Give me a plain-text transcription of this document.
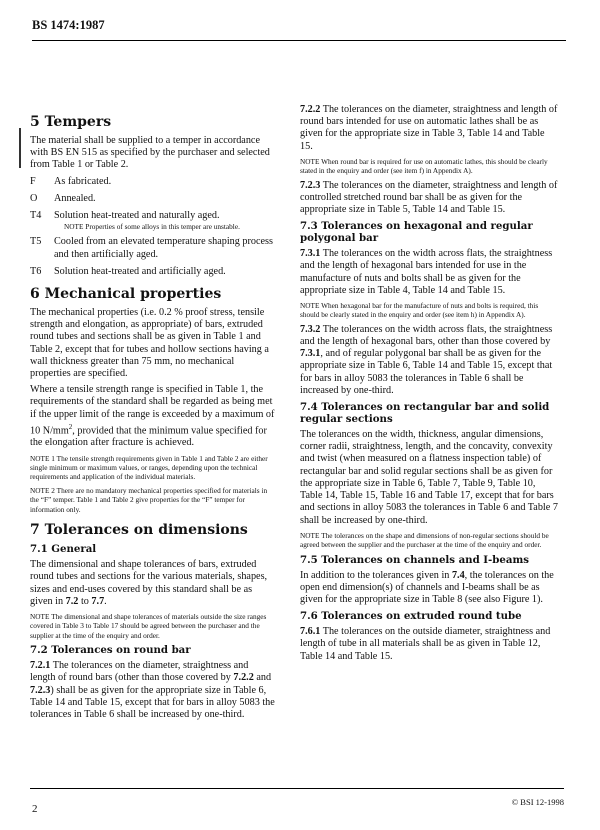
BS 1474:1987
5 Tempers

The material shall be supplied to a temper in accordance with BS EN 515 as specified by the purchaser and selected from Table 1 or Table 2.

F	As fabricated.
O	Annealed.
T4	Solution heat-treated and naturally aged.
NOTE Properties of some alloys in this temper are unstable.
T5	Cooled from an elevated temperature shaping process and then artificially aged.
T6	Solution heat-treated and artificially aged.
6 Mechanical properties

The mechanical properties (i.e. 0.2 % proof stress, tensile strength and elongation, as appropriate) of bars, extruded round tubes and sections shall be as given in Table 1 and Table 2, except that for tubes and hollow sections having a wall thickness greater than 75 mm, no mechanical properties are specified.

Where a tensile strength range is specified in Table 1, the requirements of the standard shall be regarded as being met if the upper limit of the range is exceeded by a maximum of 10 $N/mm^2$, provided that the minimum value specified for the elongation after fracture is achieved.

NOTE 1 The tensile strength requirements given in Table 1 and Table 2 are either single minimum or maximum values, or ranges, depending upon the technical requirements and application of the individual materials.

NOTE 2 There are no mandatory mechanical properties specified for materials in the “F” temper. Table 1 and Table 2 give properties for the “F” temper for information only.

7 Tolerances on dimensions
7.1 General

The dimensional and shape tolerances of bars, extruded round tubes and sections for the various materials, shapes, sizes and end-uses covered by this standard shall be as given in 7.2 to 7.7.

NOTE The dimensional and shape tolerances of materials outside the size ranges covered in Table 3 to Table 17 should be agreed between the purchaser and the supplier at the time of the enquiry and order.

7.2 Tolerances on round bar

7.2.1 The tolerances on the diameter, straightness and length of round bars (other than those covered by 7.2.2 and 7.2.3) shall be as given for the appropriate size in Table 6, Table 14 and Table 15, except that for bars in alloy 5083 the tolerances in Table 6 shall be increased by one-third.

7.2.2 The tolerances on the diameter, straightness and length of round bars intended for use on automatic lathes shall be as given for the appropriate size in Table 3, Table 14 and Table 15.

NOTE When round bar is required for use on automatic lathes, this should be clearly stated in the enquiry and order (see item f) in Appendix A).

7.2.3 The tolerances on the diameter, straightness and length of controlled stretched round bar shall be as given for the appropriate size in Table 5, Table 14 and Table 15.

7.3 Tolerances on hexagonal and regular polygonal bar

7.3.1 The tolerances on the width across flats, the straightness and the length of hexagonal bars intended for use in the manufacture of nuts and bolts shall be as given for the appropriate size in Table 4, Table 14 and Table 15.

NOTE When hexagonal bar for the manufacture of nuts and bolts is required, this should be clearly stated in the enquiry and order (see item h) in Appendix A).

7.3.2 The tolerances on the width across flats, the straightness and the length of hexagonal bars, other than those covered by 7.3.1, and of regular polygonal bar shall be as given for the appropriate size in Table 6, Table 14 and Table 15, except that for bars in alloy 5083 the tolerances in Table 6 shall be increased by one-third.

7.4 Tolerances on rectangular bar and solid regular sections

The tolerances on the width, thickness, angular dimensions, corner radii, straightness, length, and the concavity, convexity and twist (when measured on a flatness inspection table) of rectangular bar and solid regular sections shall be as given for the appropriate size in Table 6, Table 7, Table 9, Table 10, Table 14, Table 15, Table 16 and Table 17, except that for bars and sections in alloy 5083 the tolerances in Table 6 and Table 7 shall be increased by one-third.

NOTE The tolerances on the shape and dimensions of non-regular sections should be agreed between the supplier and the purchaser at the time of the enquiry and order.

7.5 Tolerances on channels and I-beams

In addition to the tolerances given in 7.4, the tolerances on the open end dimension(s) of channels and I-beams shall be as given for the appropriate size in Table 8 (see also Figure 1).

7.6 Tolerances on extruded round tube

7.6.1 The tolerances on the outside diameter, straightness and length of tube in all materials shall be as given in Table 12, Table 14 and Table 15.

2
© BSI 12-1998
